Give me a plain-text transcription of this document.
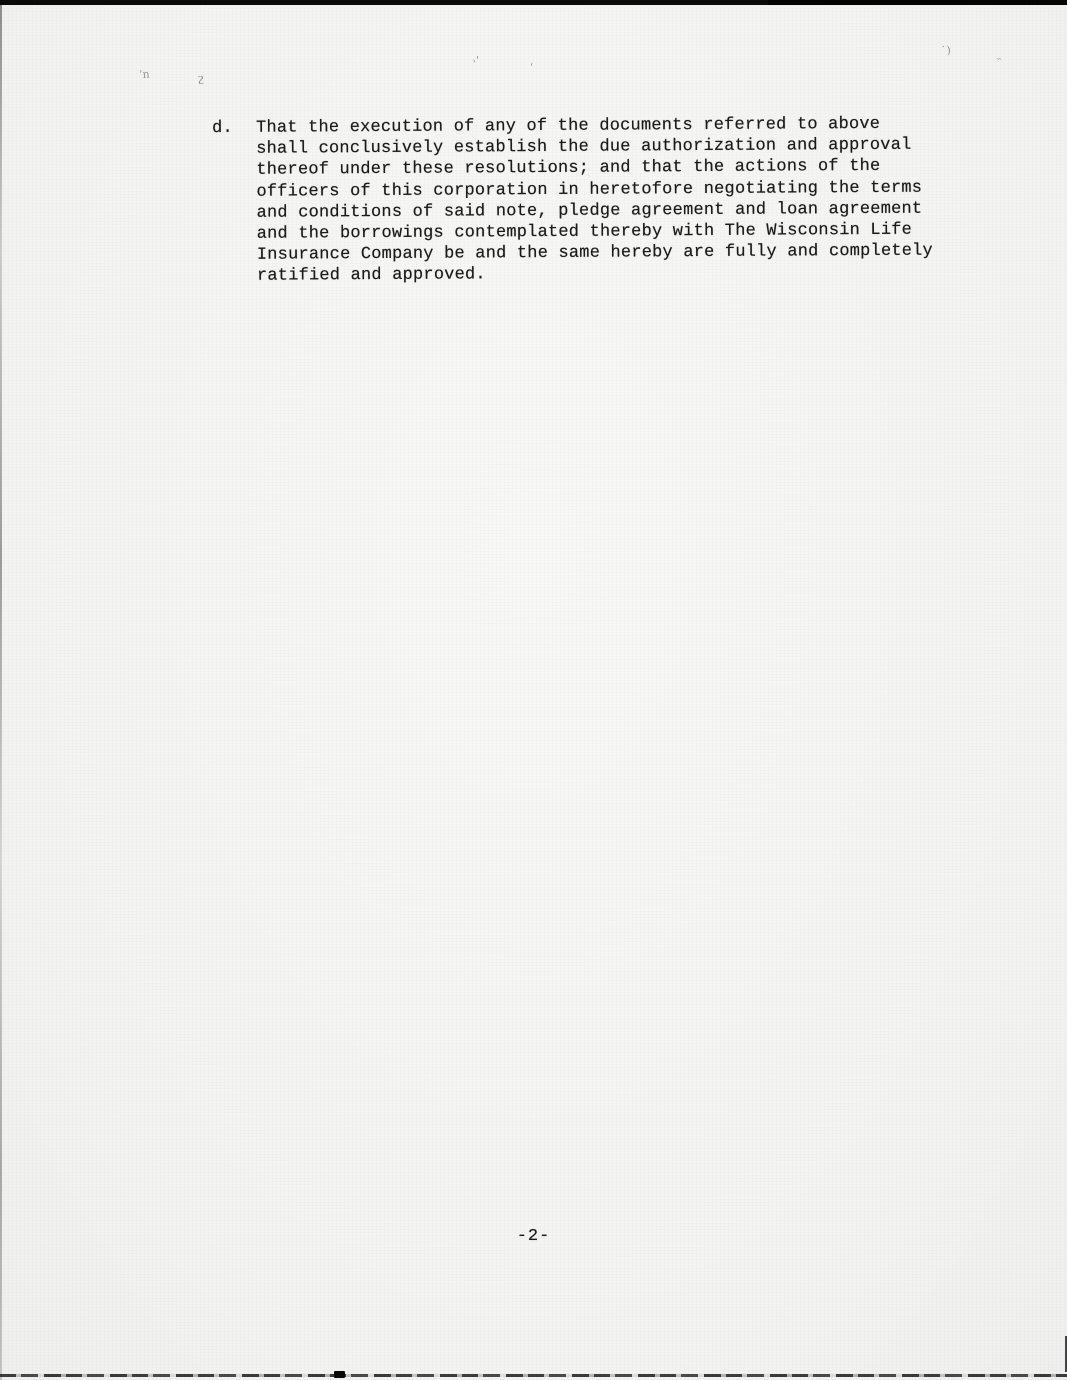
ʼn	ᴤ
˒ʹ	ʻ
˙)
˵
d.	That the execution of any of the documents referred to above
shall conclusively establish the due authorization and approval
thereof under these resolutions; and that the actions of the
officers of this corporation in heretofore negotiating the terms
and conditions of said note, pledge agreement and loan agreement
and the borrowings contemplated thereby with The Wisconsin Life
Insurance Company be and the same hereby are fully and completely
ratified and approved.
-2-
